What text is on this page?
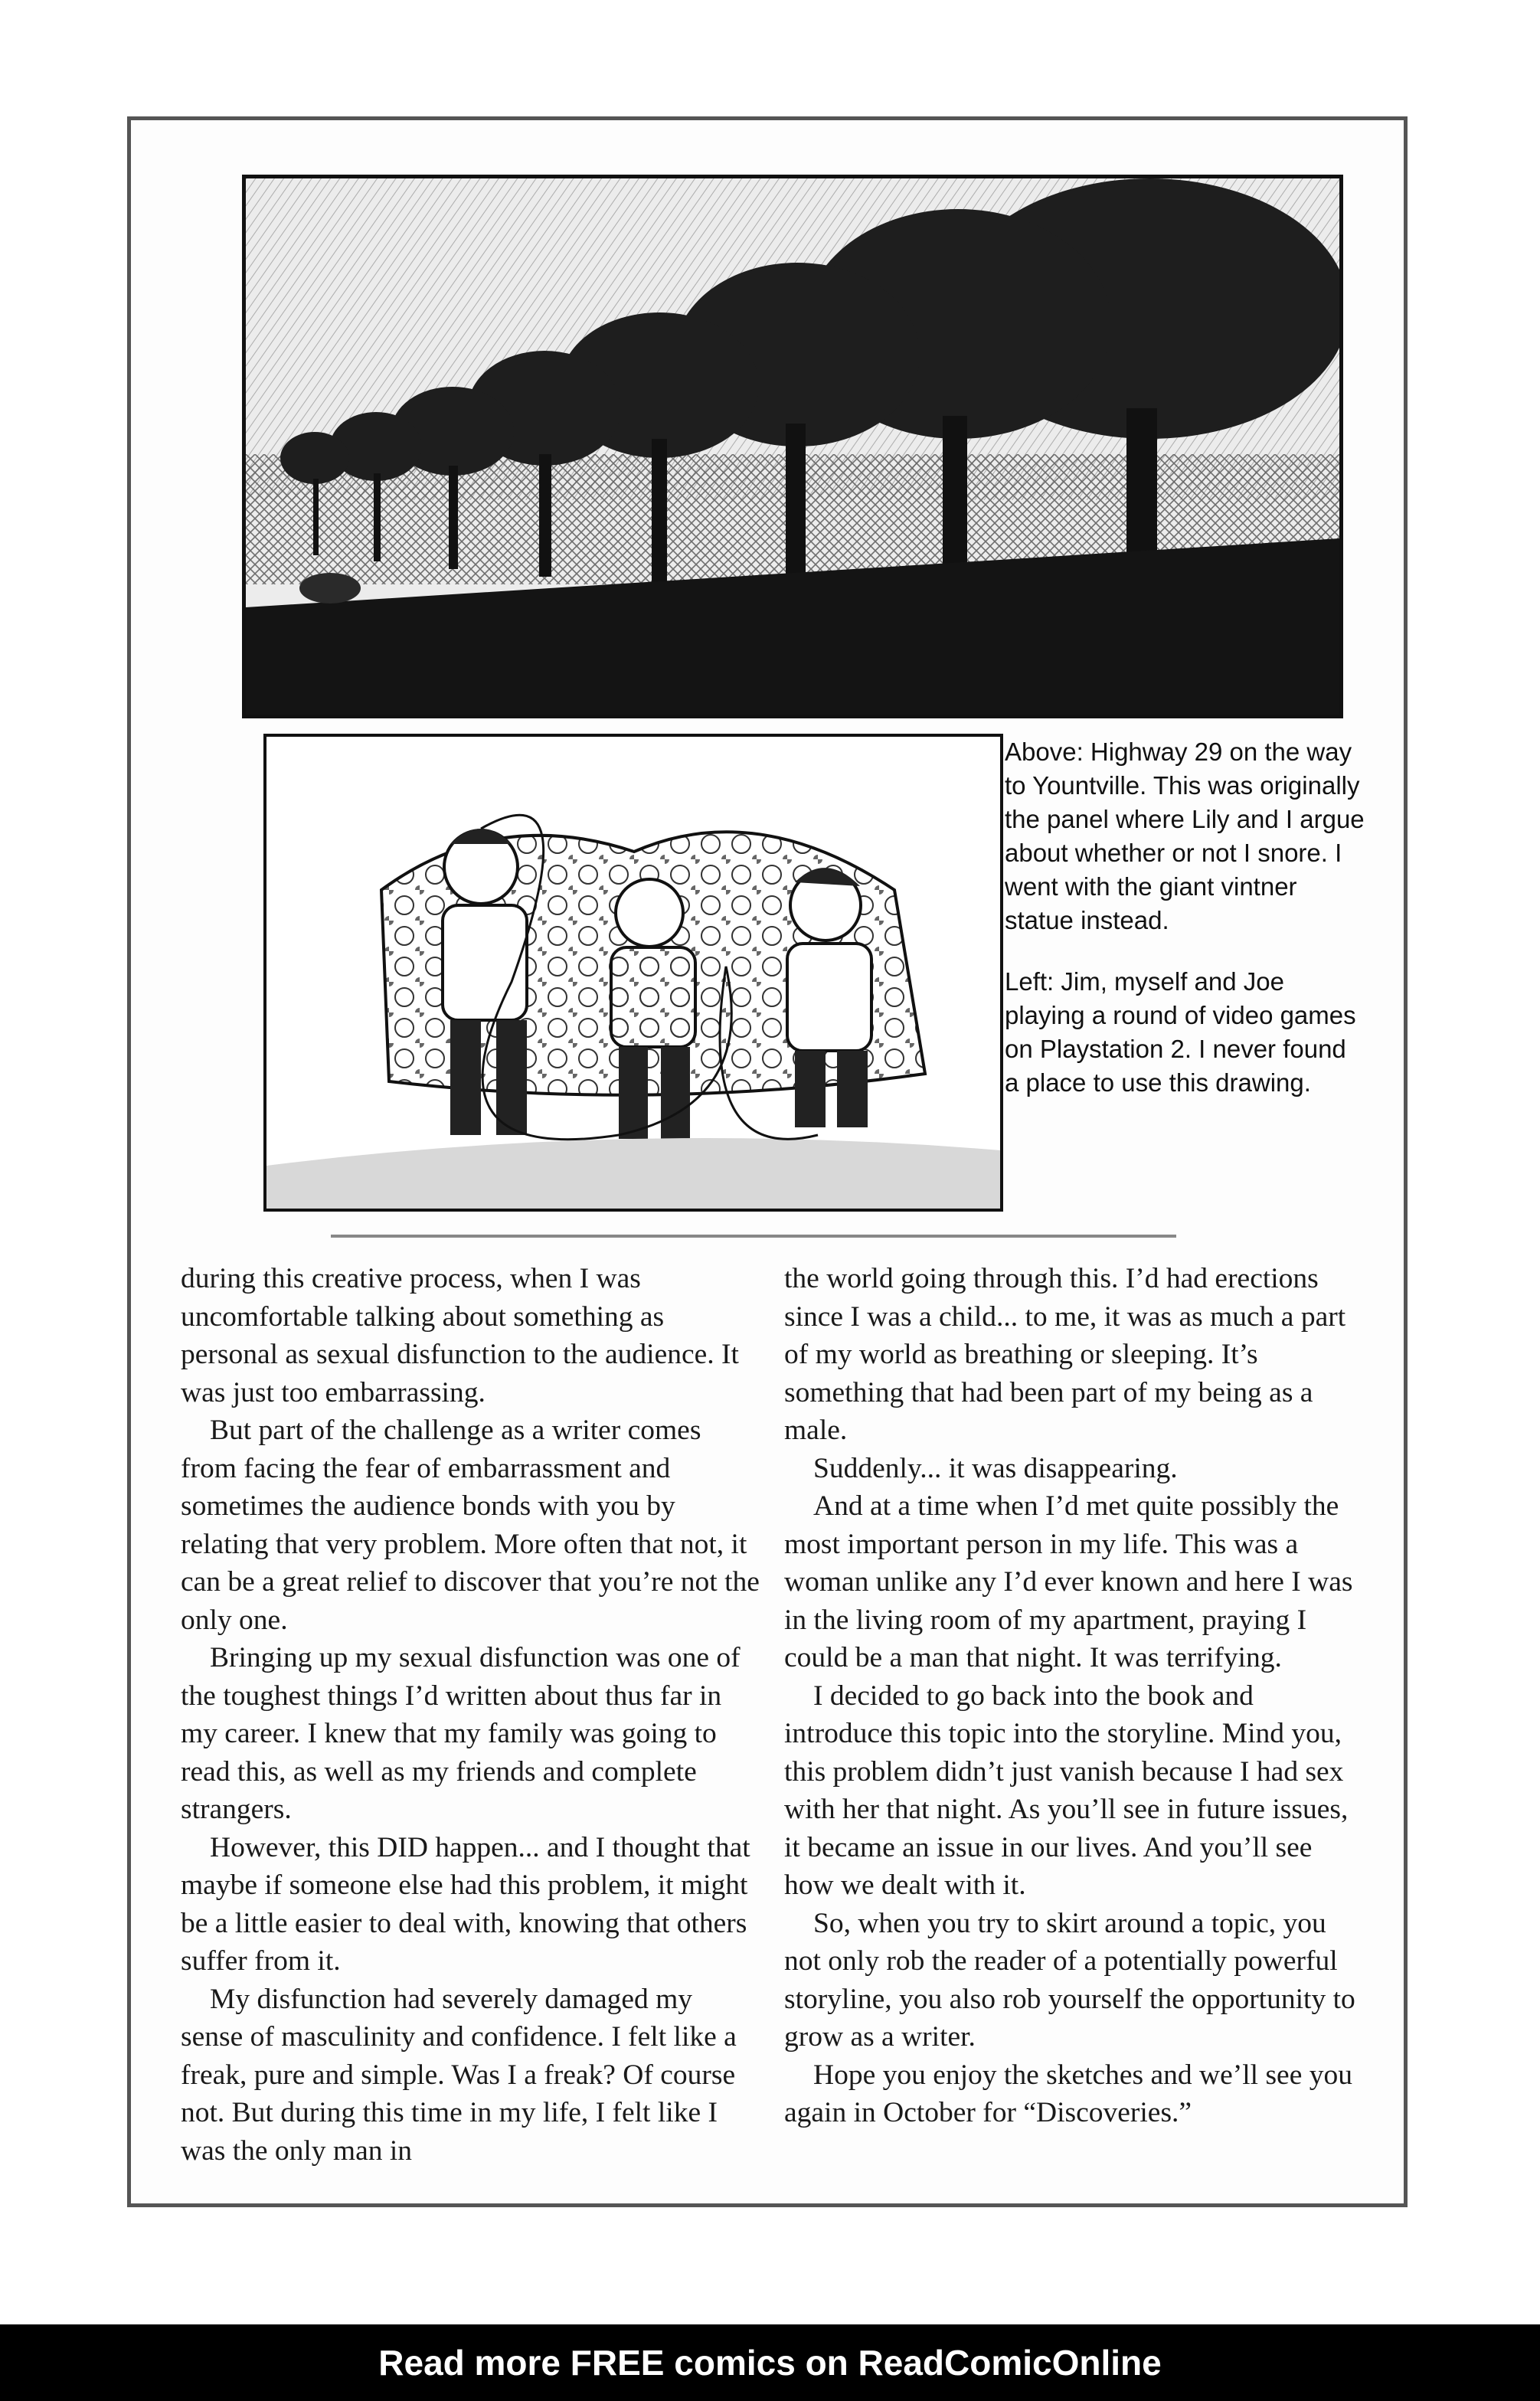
Above: Highway 29 on the way to Yountville. This was originally the panel where Lily and I argue about whether or not I snore. I went with the giant vintner statue instead.

Left: Jim, myself and Joe playing a round of video games on Playstation 2. I never found a place to use this drawing.

during this creative process, when I was uncomfortable talking about something as personal as sexual disfunction to the audience. It was just too embarrassing.

But part of the challenge as a writer comes from facing the fear of embarrassment and sometimes the audience bonds with you by relating that very problem. More often that not, it can be a great relief to discover that you’re not the only one.

Bringing up my sexual disfunction was one of the toughest things I’d written about thus far in my career. I knew that my family was going to read this, as well as my friends and complete strangers.

However, this DID happen... and I thought that maybe if someone else had this problem, it might be a little easier to deal with, knowing that others suffer from it.

My disfunction had severely damaged my sense of masculinity and confidence. I felt like a freak, pure and simple. Was I a freak? Of course not. But during this time in my life, I felt like I was the only man in

the world going through this. I’d had erections since I was a child... to me, it was as much a part of my world as breathing or sleeping. It’s something that had been part of my being as a male.

Suddenly... it was disappearing.

And at a time when I’d met quite possibly the most important person in my life. This was a woman unlike any I’d ever known and here I was in the living room of my apartment, praying I could be a man that night. It was terrifying.

I decided to go back into the book and introduce this topic into the storyline. Mind you, this problem didn’t just vanish because I had sex with her that night. As you’ll see in future issues, it became an issue in our lives. And you’ll see how we dealt with it.

So, when you try to skirt around a topic, you not only rob the reader of a potentially powerful storyline, you also rob yourself the opportunity to grow as a writer.

Hope you enjoy the sketches and we’ll see you again in October for “Discoveries.”

Read more FREE comics on ReadComicOnline
